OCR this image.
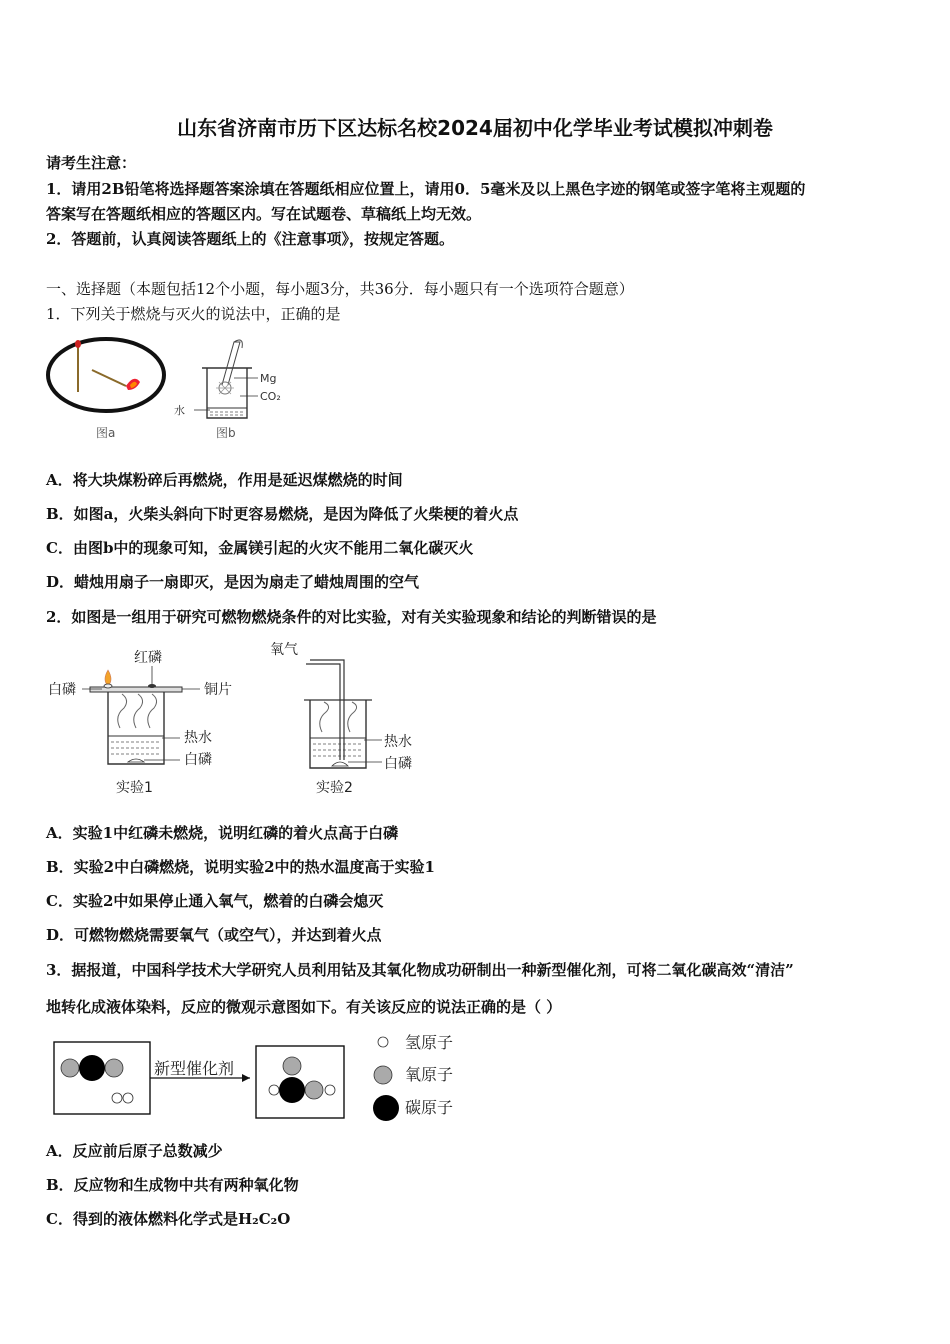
山东省济南市历下区达标名校2024届初中化学毕业考试模拟冲刺卷
请考生注意：
1．请用2B铅笔将选择题答案涂填在答题纸相应位置上，请用0．5毫米及以上黑色字迹的钢笔或签字笔将主观题的
答案写在答题纸相应的答题区内。写在试题卷、草稿纸上均无效。
2．答题前，认真阅读答题纸上的《注意事项》，按规定答题。
一、选择题（本题包括12个小题，每小题3分，共36分．每小题只有一个选项符合题意）
1．下列关于燃烧与灭火的说法中，正确的是
图a
Mg
CO₂
水
图b
A．将大块煤粉碎后再燃烧，作用是延迟煤燃烧的时间
B．如图a，火柴头斜向下时更容易燃烧，是因为降低了火柴梗的着火点
C．由图b中的现象可知，金属镁引起的火灾不能用二氧化碳灭火
D．蜡烛用扇子一扇即灭，是因为扇走了蜡烛周围的空气
2．如图是一组用于研究可燃物燃烧条件的对比实验，对有关实验现象和结论的判断错误的是
红磷
白磷	铜片
热水
白磷
实验1
氧气
热水
白磷
实验2
A．实验1中红磷未燃烧，说明红磷的着火点高于白磷
B．实验2中白磷燃烧，说明实验2中的热水温度高于实验1
C．实验2中如果停止通入氧气，燃着的白磷会熄灭
D．可燃物燃烧需要氧气（或空气），并达到着火点
3．据报道，中国科学技术大学研究人员利用钴及其氧化物成功研制出一种新型催化剂，可将二氧化碳高效“清洁”
地转化成液体染料，反应的微观示意图如下。有关该反应的说法正确的是（ ）
新型催化剂
氢原子
氧原子
碳原子
A．反应前后原子总数减少
B．反应物和生成物中共有两种氧化物
C．得到的液体燃料化学式是H₂C₂O
